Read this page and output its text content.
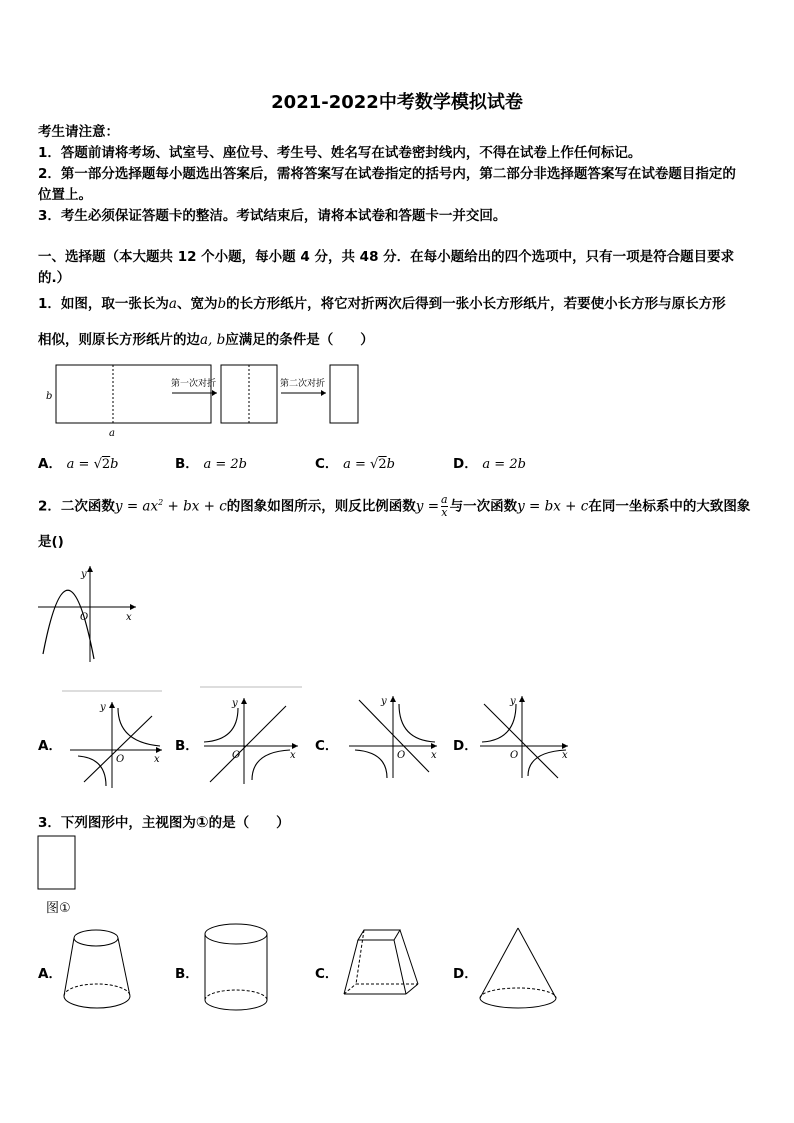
2021-2022中考数学模拟试卷
考生请注意：
1．答题前请将考场、试室号、座位号、考生号、姓名写在试卷密封线内，不得在试卷上作任何标记。
2．第一部分选择题每小题选出答案后，需将答案写在试卷指定的括号内，第二部分非选择题答案写在试卷题目指定的
位置上。
3．考生必须保证答题卡的整洁。考试结束后，请将本试卷和答题卡一并交回。
一、选择题（本大题共 12 个小题，每小题 4 分，共 48 分．在每小题给出的四个选项中，只有一项是符合题目要求
的.）
1．如图，取一张长为a、宽为b的长方形纸片，将它对折两次后得到一张小长方形纸片，若要使小长方形与原长方形
相似，则原长方形纸片的边a, b应满足的条件是（　　）
b
a
第一次对折	第二次对折
A． a = √2b	B． a = 2b	C． a = √2b	D． a = 2b
2．二次函数$y = ax^2$ + bx + c的图象如图所示，则反比例函数$y = \frac{a}{x}$ 与一次函数y = bx + c在同一坐标系中的大致图象
是()
y
x
O
A．
y
x
O
B．
y
x
O
C．
y
x
O
D．
y
x
O
3．下列图形中，主视图为①的是（　　）
图①
A．	B．	C．	D．
